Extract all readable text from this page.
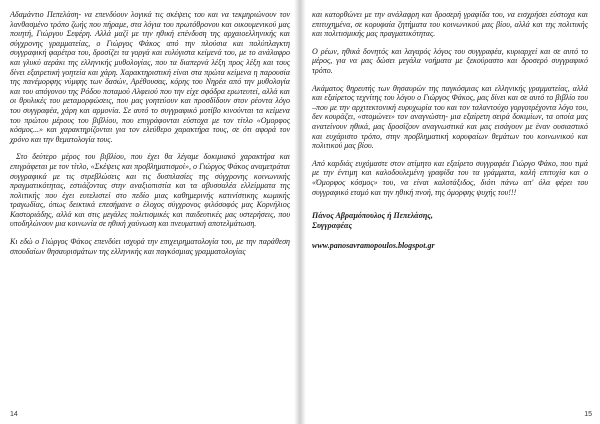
Αδαμάντιο Πεπελάση- να επενδύουν λογικά τις σκέψεις του και να τεκμηριώνουν τον λανθασμένο τρόπο ζωής που πήραμε, στα λόγια του πρωτόθρονου και οικουμενικού μας ποιητή, Γιώργου Σεφέρη. Αλλά μαζί με την ηθική επένδυση της αρχαιοελληνικής και σύγχρονης γραμματείας, ο Γιώργος Φάκος από την πλούσια και πολύπλαγκτη συγγραφική φαρέτρα του, δροσίζει τα γοργά και ευλύγιστα κείμενά του, με το ανάλαφρο και γλυκύ αεράκι της ελληνικής μυθολογίας, που τα διαπερνά λέξη προς λέξη και τους δίνει εξαιρετική γοητεία και χάρη. Χαρακτηριστική είναι στα πρώτα κείμενα η παρουσία της πανέμορφης νύμφης των δασών, Αρέθουσας, κόρης του Νηρέα από την μυθολογία και του απόγονου της Ρόδου ποταμού Αλφειού που την είχε σφόδρα ερωτευτεί, αλλά και οι θρυλικές του μεταμορφώσεις, που μας γοητεύουν και προσδίδουν στον ρέοντα λόγο του συγγραφέα, χάρη και αρμονία. Σε αυτό το συγγραφικό μοτίβο κινούνται τα κείμενα του πρώτου μέρους του βιβλίου, που επιγράφονται εύστοχα με τον τίτλο «Ομορφος κόσμος...» και χαρακτηρίζονται για τον ελεύθερο χαρακτήρα τους, σε ότι αφορά τον χρόνο και την θεματολογία τους.

Στο δεύτερο μέρος του βιβλίου, που έχει θα λέγαμε δοκιμιακό χαρακτήρα και επιγράφεται με τον τίτλο, «Σκέψεις και προβληματισμοί», ο Γιώργος Φάκος αναμετράται συγγραφικά με τις στρεβλώσεις και τις δυσπλασίες της σύγχρονης κοινωνικής πραγματικότητας, εστιάζοντας στην αναξιοπιστία και τα αβυσσαλέα ελλείμματα της πολιτικής που έχει ευτελιστεί στο πεδίο μιας καθημερινής κατινίστικης κωμικής τραγωδίας, όπως δεικτικά επεσήμανε ο έλοχος σύγχρονος φιλόσοφός μας Κορνήλιος Καστοριάδης, αλλά και στις μεγάλες πολιτισμικές και παιδευτικές μας υστερήσεις, που υποδηλώνουν μια κοινωνία σε ηθική χαύνωση και πνευματική αποτελμάτωση.

Κι εδώ ο Γιώργος Φάκος επενδύει ισχυρά την επιχειρηματολογία του, με την παράθεση σπουδαίων θησαυρισμάτων της ελληνικής και παγκόσμιας γραμματολογίας

14

και κατορθώνει με την ανάλαφρη και δροσερή γραφίδα του, να εισχρήσει εύστοχα και επιτυχημένα, σε κορυφαία ζητήματα του κοινωνικού μας βίου, αλλά και της πολιτικής και πολιτισμικής μας πραγματικότητας.

Ο ρέων, ηθικά δονητός και λαγαρός λόγος του συγγραφέα, κυριαρχεί και σε αυτό το μέρος, για να μας δώσει μεγάλα νοήματα με ξεκούραστο και δροσερό συγγραφικό τρόπο.

Ακάματος θηρευτής των θησαυρών της παγκόσμιας και ελληνικής γραμματείας, αλλά και εξαίρετος τεχνίτης του λόγου ο Γιώργος Φάκος, μας δίνει και σε αυτό το βιβλίο του –που με την αρχιτεκτονική ευρυχωρία του και τον ταλαντούχο γοργοτρέχοντα λόγο του, δεν κουράζει, «στομώνει» τον αναγνώστη- μια εξαίρετη σειρά δοκιμίων, τα οποία μας ανατείνουν ηθικά, μας δροσίζουν αναγνωστικά και μας εισάγουν με έναν ουσιαστικό και ευχάριστο τρόπο, στην προβληματική κορυφαίων θεμάτων του κοινωνικού και πολιτικού μας βίου.

Από καρδιάς ευχόμαστε στον ατίμητο και εξαίρετο συγγραφέα Γιώργο Φάκο, που τιμά με την έντιμη και καλοδουλεμένη γραφίδα του τα γράμματα, καλή επιτυχία και ο «Όμορφος κόσμος» του, να είναι καλοτάξιδος, διότι πάνω απ' όλα φέρει του συγγραφικό εταμό και την ηθική πνοή, της όμορφης ψυχής του!!!

Πάνος Αβραμόπουλος ή Πεπελάσης,
Συγγραφέας
www.panosavramopoulos.blogspot.gr
15
